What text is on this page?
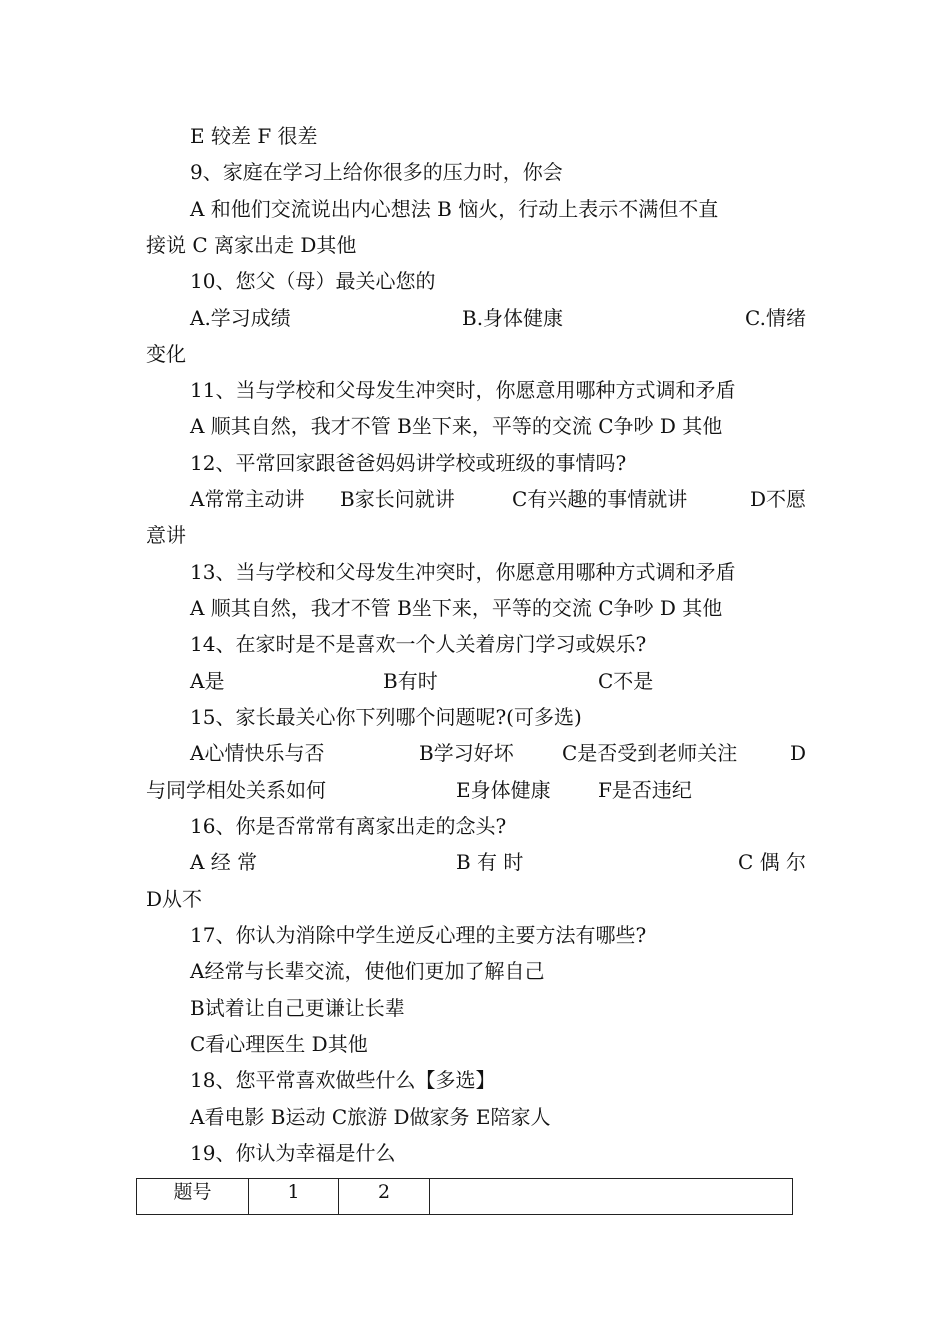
E 较差 F 很差
9、家庭在学习上给你很多的压力时，你会
A 和他们交流说出内心想法 B 恼火，行动上表示不满但不直
接说 C 离家出走 D其他
10、您父（母）最关心您的
A.学习成绩	B.身体健康	C.情绪
变化
11、当与学校和父母发生冲突时，你愿意用哪种方式调和矛盾
A 顺其自然，我才不管 B坐下来，平等的交流 C争吵 D 其他
12、平常回家跟爸爸妈妈讲学校或班级的事情吗?
A常常主动讲 B家长问就讲	C有兴趣的事情就讲	D不愿
意讲
13、当与学校和父母发生冲突时，你愿意用哪种方式调和矛盾
A 顺其自然，我才不管 B坐下来，平等的交流 C争吵 D 其他
14、在家时是不是喜欢一个人关着房门学习或娱乐?
A是	B有时	C不是
15、家长最关心你下列哪个问题呢?(可多选)
A心情快乐与否	B学习好坏 C是否受到老师关注	D
与同学相处关系如何	E身体健康 F是否违纪
16、你是否常常有离家出走的念头?
A 经 常	B 有 时	C 偶 尔
D从不
17、你认为消除中学生逆反心理的主要方法有哪些?
A经常与长辈交流，使他们更加了解自己
B试着让自己更谦让长辈
C看心理医生 D其他
18、您平常喜欢做些什么【多选】
A看电影 B运动 C旅游 D做家务 E陪家人
19、你认为幸福是什么
题号	1	2	
